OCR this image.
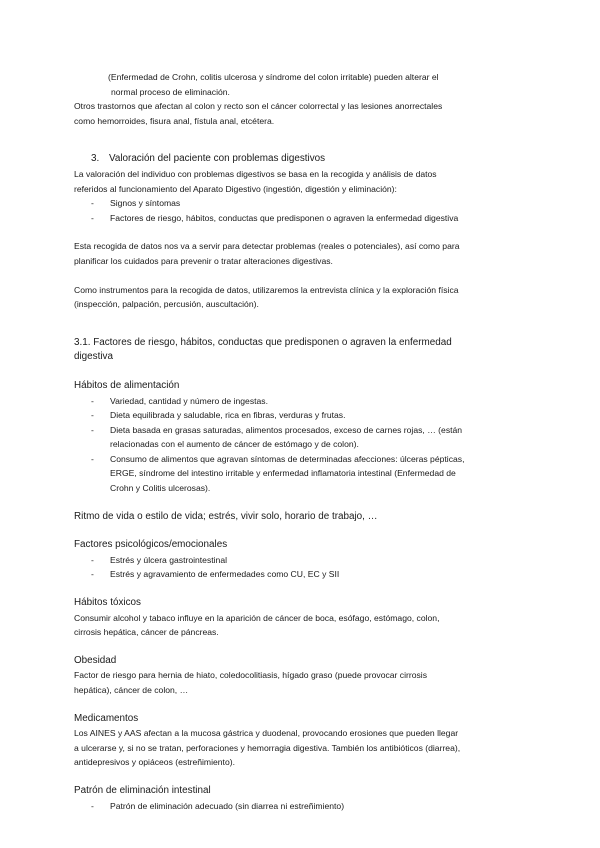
(Enfermedad de Crohn, colitis ulcerosa y síndrome del colon irritable) pueden alterar el

normal proceso de eliminación.

Otros trastornos que afectan al colon y recto son el cáncer colorrectal y las lesiones anorrectales

como hemorroides, fisura anal, fístula anal, etcétera.

3. Valoración del paciente con problemas digestivos

La valoración del individuo con problemas digestivos se basa en la recogida y análisis de datos

referidos al funcionamiento del Aparato Digestivo (ingestión, digestión y eliminación):

-	Signos y síntomas
-	Factores de riesgo, hábitos, conductas que predisponen o agraven la enfermedad digestiva

Esta recogida de datos nos va a servir para detectar problemas (reales o potenciales), así como para

planificar los cuidados para prevenir o tratar alteraciones digestivas.

Como instrumentos para la recogida de datos, utilizaremos la entrevista clínica y la exploración física

(inspección, palpación, percusión, auscultación).

3.1. Factores de riesgo, hábitos, conductas que predisponen o agraven la enfermedad

digestiva

Hábitos de alimentación

-	Variedad, cantidad y número de ingestas.
-	Dieta equilibrada y saludable, rica en fibras, verduras y frutas.
-	Dieta basada en grasas saturadas, alimentos procesados, exceso de carnes rojas, … (están
relacionadas con el aumento de cáncer de estómago y de colon).
-	Consumo de alimentos que agravan síntomas de determinadas afecciones: úlceras pépticas,
ERGE, síndrome del intestino irritable y enfermedad inflamatoria intestinal (Enfermedad de
Crohn y Colitis ulcerosas).

Ritmo de vida o estilo de vida; estrés, vivir solo, horario de trabajo, …

Factores psicológicos/emocionales

-	Estrés y úlcera gastrointestinal
-	Estrés y agravamiento de enfermedades como CU, EC y SII

Hábitos tóxicos

Consumir alcohol y tabaco influye en la aparición de cáncer de boca, esófago, estómago, colon,

cirrosis hepática, cáncer de páncreas.

Obesidad

Factor de riesgo para hernia de hiato, coledocolitiasis, hígado graso (puede provocar cirrosis

hepática), cáncer de colon, …

Medicamentos

Los AINES y AAS afectan a la mucosa gástrica y duodenal, provocando erosiones que pueden llegar

a ulcerarse y, si no se tratan, perforaciones y hemorragia digestiva. También los antibióticos (diarrea),

antidepresivos y opiáceos (estreñimiento).

Patrón de eliminación intestinal

-	Patrón de eliminación adecuado (sin diarrea ni estreñimiento)
